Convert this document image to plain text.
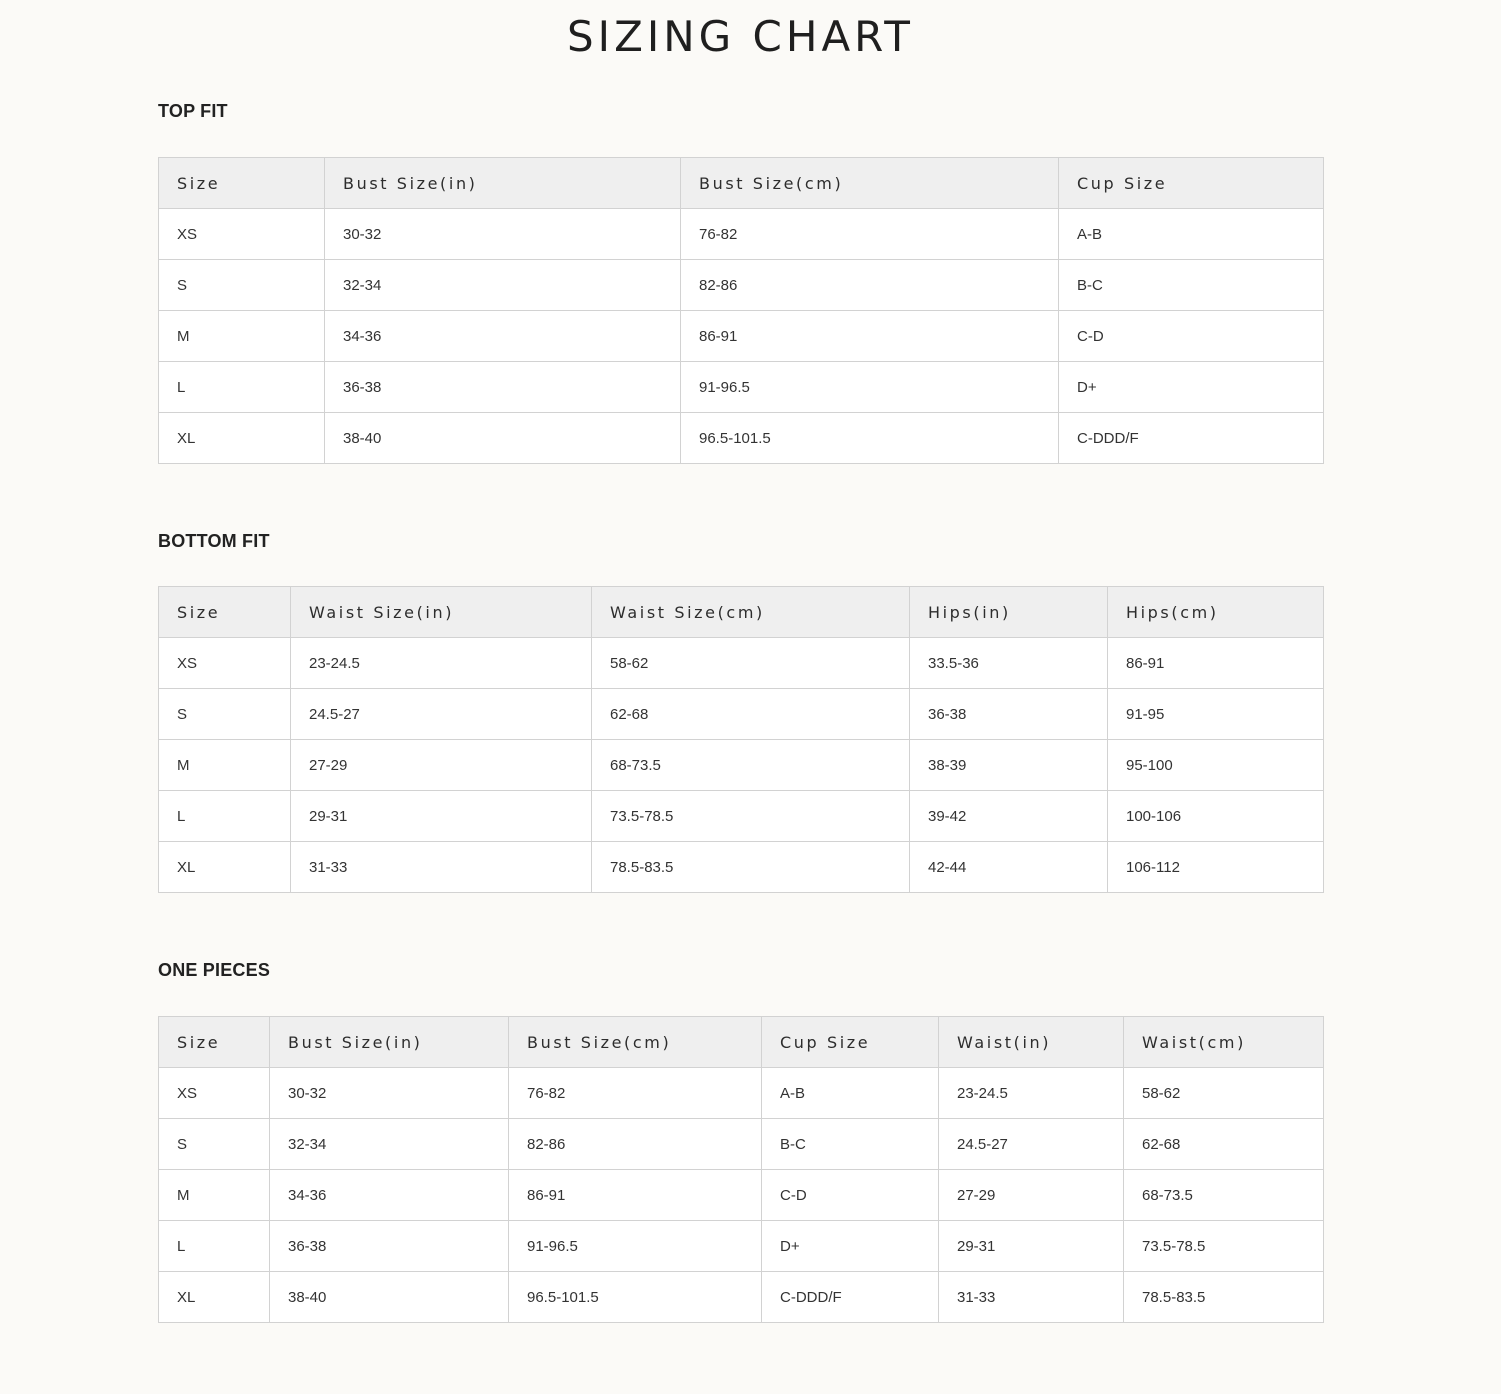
SIZING CHART
TOP FIT
Size	Bust Size(in)	Bust Size(cm)	Cup Size
XS	30-32	76-82	A-B
S	32-34	82-86	B-C
M	34-36	86-91	C-D
L	36-38	91-96.5	D+
XL	38-40	96.5-101.5	C-DDD/F
BOTTOM FIT
Size	Waist Size(in)	Waist Size(cm)	Hips(in)	Hips(cm)
XS	23-24.5	58-62	33.5-36	86-91
S	24.5-27	62-68	36-38	91-95
M	27-29	68-73.5	38-39	95-100
L	29-31	73.5-78.5	39-42	100-106
XL	31-33	78.5-83.5	42-44	106-112
ONE PIECES
Size	Bust Size(in)	Bust Size(cm)	Cup Size	Waist(in)	Waist(cm)
XS	30-32	76-82	A-B	23-24.5	58-62
S	32-34	82-86	B-C	24.5-27	62-68
M	34-36	86-91	C-D	27-29	68-73.5
L	36-38	91-96.5	D+	29-31	73.5-78.5
XL	38-40	96.5-101.5	C-DDD/F	31-33	78.5-83.5
